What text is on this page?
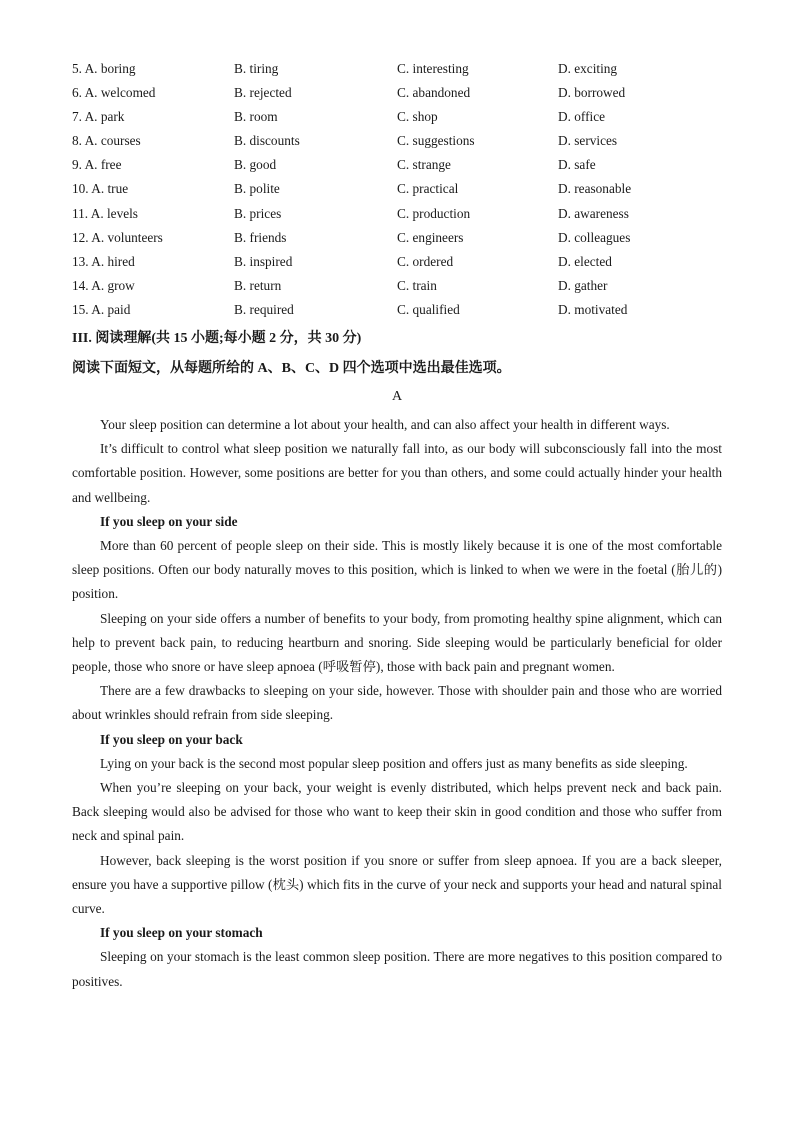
5. A. boring	B. tiring	C. interesting	D. exciting
6. A. welcomed	B. rejected	C. abandoned	D. borrowed
7. A. park	B. room	C. shop	D. office
8. A. courses	B. discounts	C. suggestions	D. services
9. A. free	B. good	C. strange	D. safe
10. A. true	B. polite	C. practical	D. reasonable
11. A. levels	B. prices	C. production	D. awareness
12. A. volunteers	B. friends	C. engineers	D. colleagues
13. A. hired	B. inspired	C. ordered	D. elected
14. A. grow	B. return	C. train	D. gather
15. A. paid	B. required	C. qualified	D. motivated
III. 阅读理解(共 15 小题;每小题 2 分，共 30 分)
阅读下面短文，从每题所给的 A、B、C、D 四个选项中选出最佳选项。
A

Your sleep position can determine a lot about your health, and can also affect your health in different ways.

It’s difficult to control what sleep position we naturally fall into, as our body will subconsciously fall into the most comfortable position. However, some positions are better for you than others, and some could actually hinder your health and wellbeing.

If you sleep on your side

More than 60 percent of people sleep on their side. This is mostly likely because it is one of the most comfortable sleep positions. Often our body naturally moves to this position, which is linked to when we were in the foetal (胎儿的) position.

Sleeping on your side offers a number of benefits to your body, from promoting healthy spine alignment, which can help to prevent back pain, to reducing heartburn and snoring. Side sleeping would be particularly beneficial for older people, those who snore or have sleep apnoea (呼吸暂停), those with back pain and pregnant women.

There are a few drawbacks to sleeping on your side, however. Those with shoulder pain and those who are worried about wrinkles should refrain from side sleeping.

If you sleep on your back

Lying on your back is the second most popular sleep position and offers just as many benefits as side sleeping.

When you’re sleeping on your back, your weight is evenly distributed, which helps prevent neck and back pain. Back sleeping would also be advised for those who want to keep their skin in good condition and those who suffer from neck and spinal pain.

However, back sleeping is the worst position if you snore or suffer from sleep apnoea. If you are a back sleeper, ensure you have a supportive pillow (枕头) which fits in the curve of your neck and supports your head and natural spinal curve.

If you sleep on your stomach

Sleeping on your stomach is the least common sleep position. There are more negatives to this position compared to positives.
